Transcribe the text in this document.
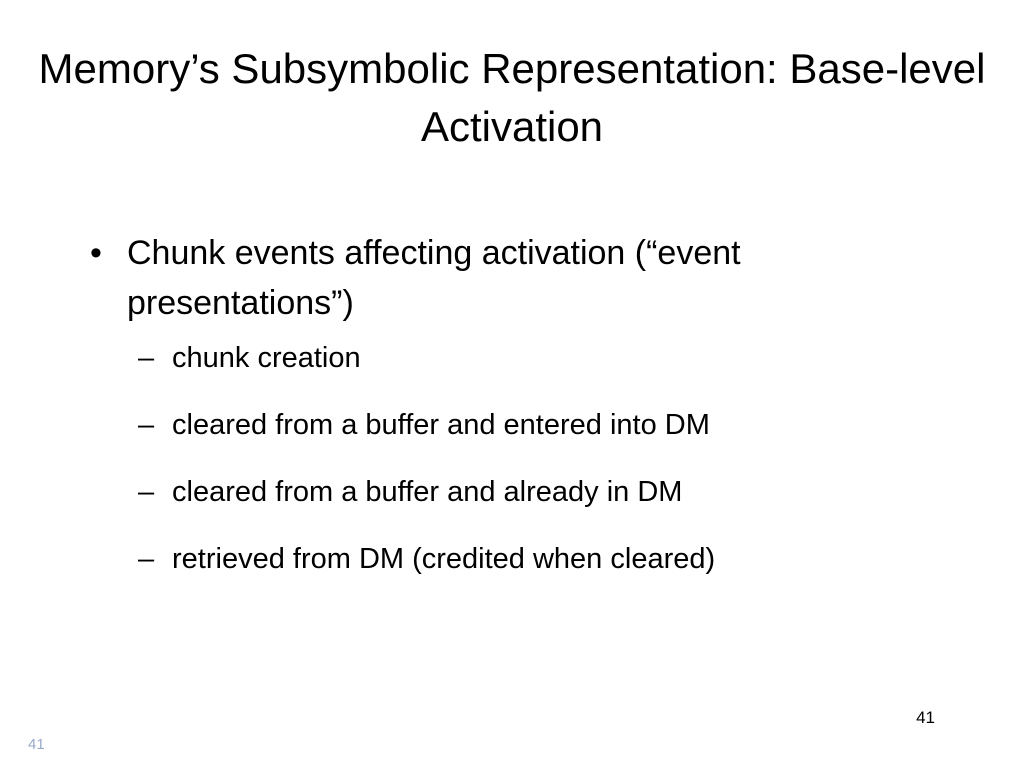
Memory’s Subsymbolic Representation: Base-level Activation
• Chunk events affecting activation (“event presentations”)
– chunk creation
– cleared from a buffer and entered into DM
– cleared from a buffer and already in DM
– retrieved from DM (credited when cleared)
41
41
